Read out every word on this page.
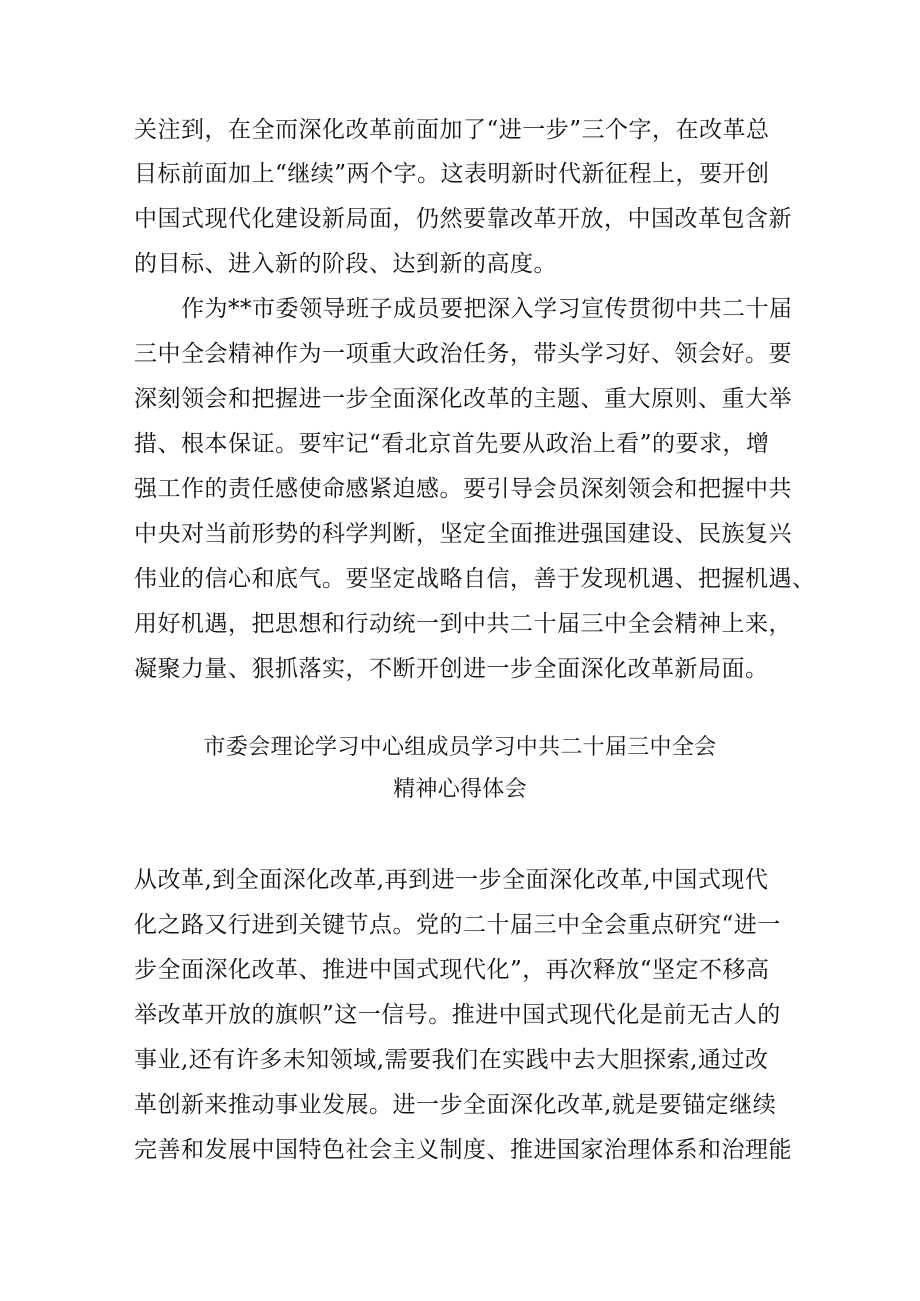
关注到，在全而深化改革前面加了“进一步”三个字，在改革总
目标前面加上“继续”两个字。这表明新时代新征程上，要开创
中国式现代化建设新局面，仍然要靠改革开放，中国改革包含新
的目标、进入新的阶段、达到新的高度。
作为**市委领导班子成员要把深入学习宣传贯彻中共二十届
三中全会精神作为一项重大政治任务，带头学习好、领会好。要
深刻领会和把握进一步全面深化改革的主题、重大原则、重大举
措、根本保证。要牢记“看北京首先要从政治上看”的要求，增
强工作的责任感使命感紧迫感。要引导会员深刻领会和把握中共
中央对当前形势的科学判断，坚定全面推进强国建设、民族复兴
伟业的信心和底气。要坚定战略自信，善于发现机遇、把握机遇、
用好机遇，把思想和行动统一到中共二十届三中全会精神上来，
凝聚力量、狠抓落实，不断开创进一步全面深化改革新局面。
市委会理论学习中心组成员学习中共二十届三中全会
精神心得体会
从改革,到全面深化改革,再到进一步全面深化改革,中国式现代
化之路又行进到关键节点。党的二十届三中全会重点研究“进一
步全面深化改革、推进中国式现代化”，再次释放“坚定不移高
举改革开放的旗帜”这一信号。推进中国式现代化是前无古人的
事业,还有许多未知领域,需要我们在实践中去大胆探索,通过改
革创新来推动事业发展。进一步全面深化改革,就是要锚定继续
完善和发展中国特色社会主义制度、推进国家治理体系和治理能
